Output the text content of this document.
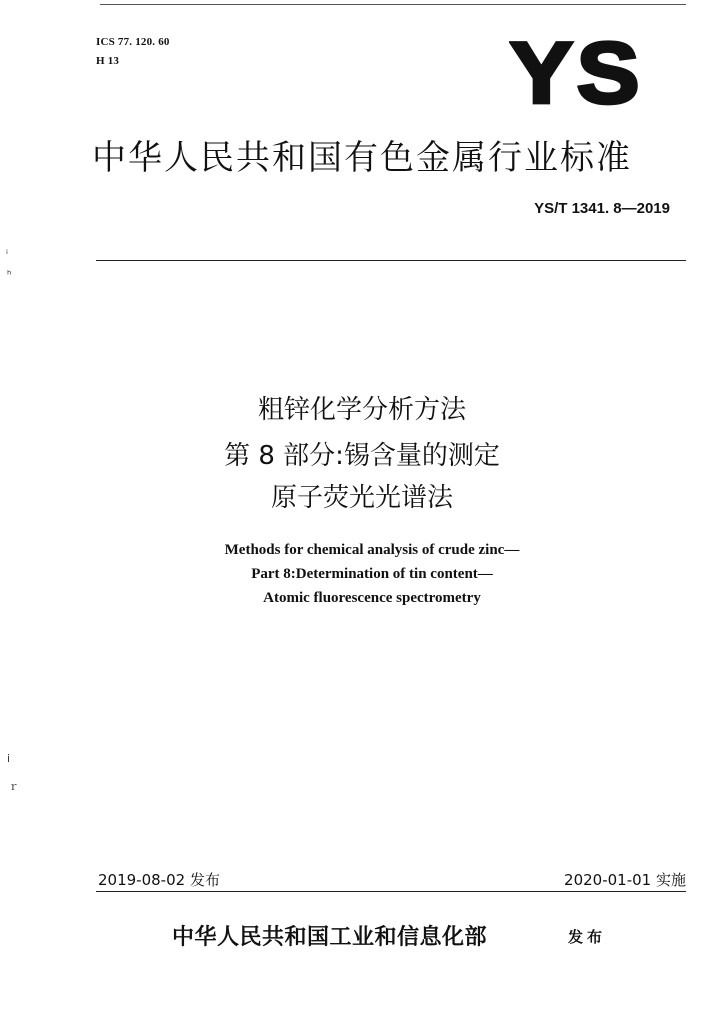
ICS 77. 120. 60
H 13	YS
中华人民共和国有色金属行业标准
YS/T 1341. 8—2019
ᵢ
ʰ
ⅰ
ｒ
粗锌化学分析方法
第 8 部分:锡含量的测定
原子荧光光谱法
Methods for chemical analysis of crude zinc—
Part 8:Determination of tin content—
Atomic fluorescence spectrometry
2019-08-02 发布	2020-01-01 实施
中华人民共和国工业和信息化部	发布
